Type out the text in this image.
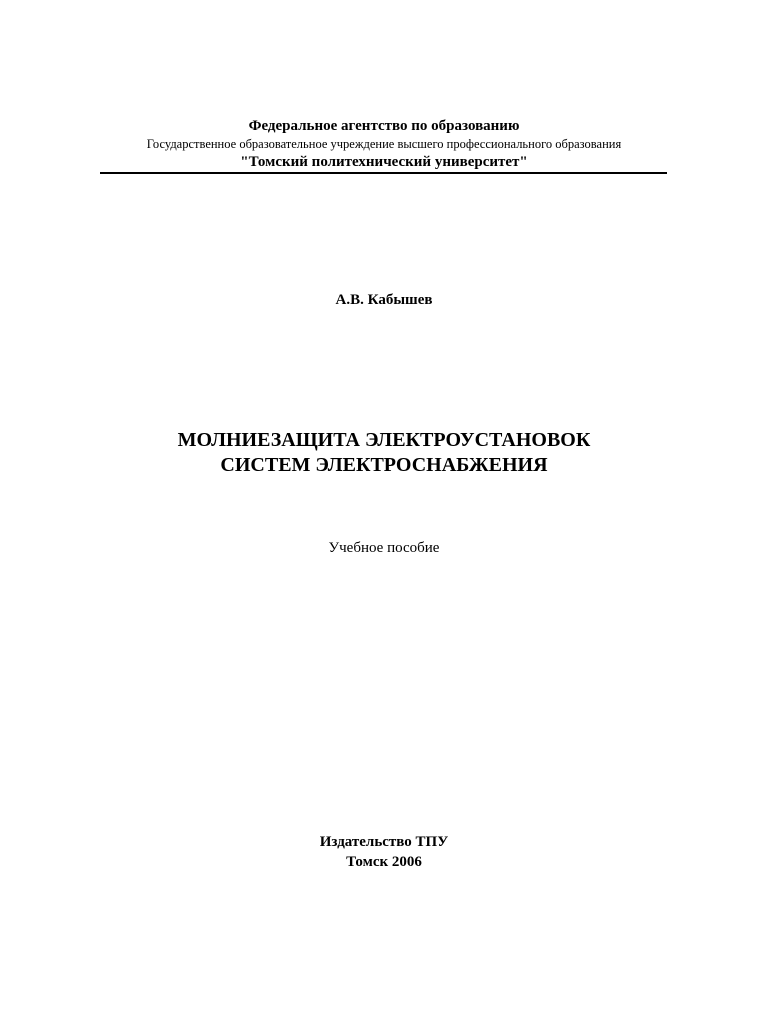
Федеральное агентство по образованию
Государственное образовательное учреждение высшего профессионального образования
"Томский политехнический университет"
А.В. Кабышев
МОЛНИЕЗАЩИТА ЭЛЕКТРОУСТАНОВОК
СИСТЕМ ЭЛЕКТРОСНАБЖЕНИЯ
Учебное пособие
Издательство ТПУ
Томск 2006
